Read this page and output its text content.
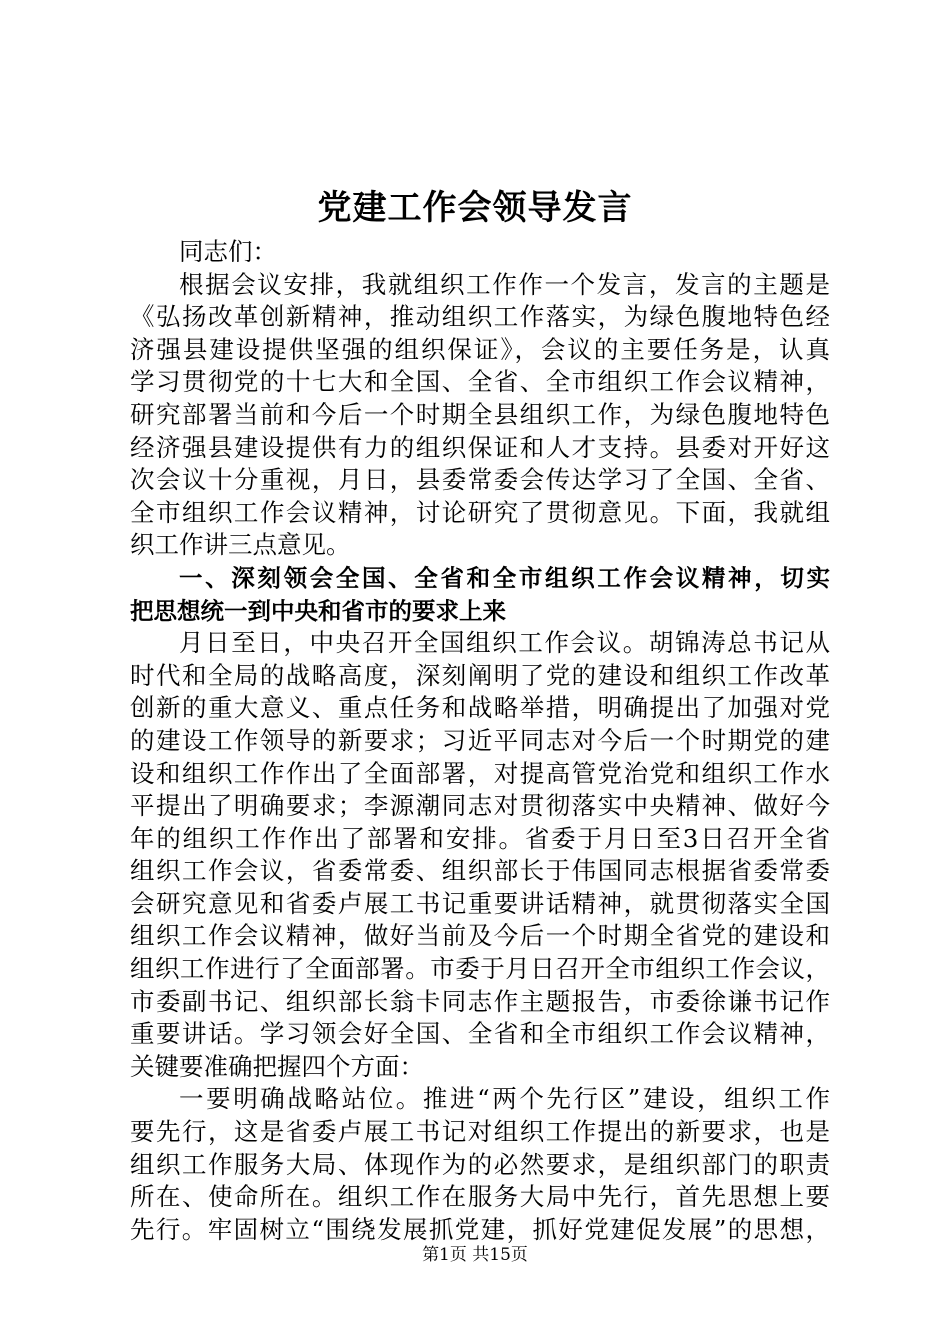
党建工作会领导发言
同志们：
根据会议安排，我就组织工作作一个发言，发言的主题是
《弘扬改革创新精神，推动组织工作落实，为绿色腹地特色经
济强县建设提供坚强的组织保证》，会议的主要任务是，认真
学习贯彻党的十七大和全国、全省、全市组织工作会议精神，
研究部署当前和今后一个时期全县组织工作，为绿色腹地特色
经济强县建设提供有力的组织保证和人才支持。县委对开好这
次会议十分重视，月日，县委常委会传达学习了全国、全省、
全市组织工作会议精神，讨论研究了贯彻意见。下面，我就组
织工作讲三点意见。
一、深刻领会全国、全省和全市组织工作会议精神，切实
把思想统一到中央和省市的要求上来
月日至日，中央召开全国组织工作会议。胡锦涛总书记从
时代和全局的战略高度，深刻阐明了党的建设和组织工作改革
创新的重大意义、重点任务和战略举措，明确提出了加强对党
的建设工作领导的新要求；习近平同志对今后一个时期党的建
设和组织工作作出了全面部署，对提高管党治党和组织工作水
平提出了明确要求；李源潮同志对贯彻落实中央精神、做好今
年的组织工作作出了部署和安排。省委于月日至3日召开全省
组织工作会议，省委常委、组织部长于伟国同志根据省委常委
会研究意见和省委卢展工书记重要讲话精神，就贯彻落实全国
组织工作会议精神，做好当前及今后一个时期全省党的建设和
组织工作进行了全面部署。市委于月日召开全市组织工作会议，
市委副书记、组织部长翁卡同志作主题报告，市委徐谦书记作
重要讲话。学习领会好全国、全省和全市组织工作会议精神，
关键要准确把握四个方面：
一要明确战略站位。推进“两个先行区”建设，组织工作
要先行，这是省委卢展工书记对组织工作提出的新要求，也是
组织工作服务大局、体现作为的必然要求，是组织部门的职责
所在、使命所在。组织工作在服务大局中先行，首先思想上要
先行。牢固树立“围绕发展抓党建，抓好党建促发展”的思想，
第1页 共15页
